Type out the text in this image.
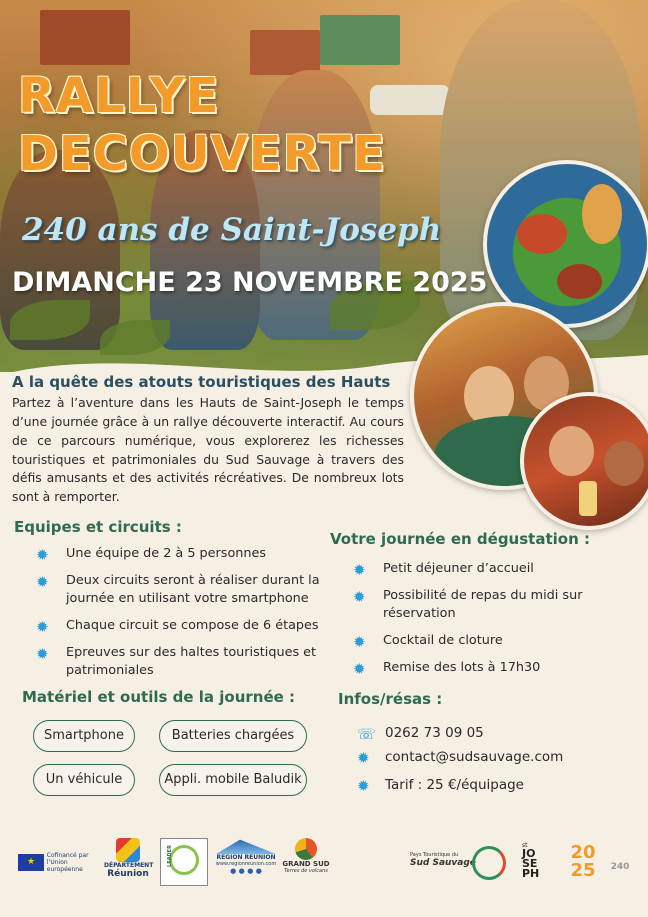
RALLYE
DECOUVERTE
240 ans de Saint-Joseph
DIMANCHE 23 NOVEMBRE 2025
A la quête des atouts touristiques des Hauts

Partez à l’aventure dans les Hauts de Saint-Joseph le temps d’une journée grâce à un rallye découverte interactif. Au cours de ce parcours numérique, vous explorerez les richesses touristiques et patrimoniales du Sud Sauvage à travers des défis amusants et des activités récréatives. De nombreux lots sont à remporter.

Equipes et circuits :
✹ Une équipe de 2 à 5 personnes
✹ Deux circuits seront à réaliser durant la journée en utilisant votre smartphone
✹ Chaque circuit se compose de 6 étapes
✹ Epreuves sur des haltes touristiques et patrimoniales
Votre journée en dégustation :
✹ Petit déjeuner d’accueil
✹ Possibilité de repas du midi sur réservation
✹ Cocktail de cloture
✹ Remise des lots à 17h30
Matériel et outils de la journée :
Smartphone	Batteries chargées
Un véhicule	Appli. mobile Baludik
Infos/résas :
☏ 0262 73 09 05
✹ contact@sudsauvage.com
✹ Tarif : 25 €/équipage
★ Cofinancé par l’Union européenne
DÉPARTEMENT
Réunion
LEADER	RÉGION RÉUNION
www.regionreunion.com
● ● ● ●
GRAND SUD
Terres de volcans
Pays Touristique du
Sud Sauvage
st
JO
SE
PH
20 25	240
